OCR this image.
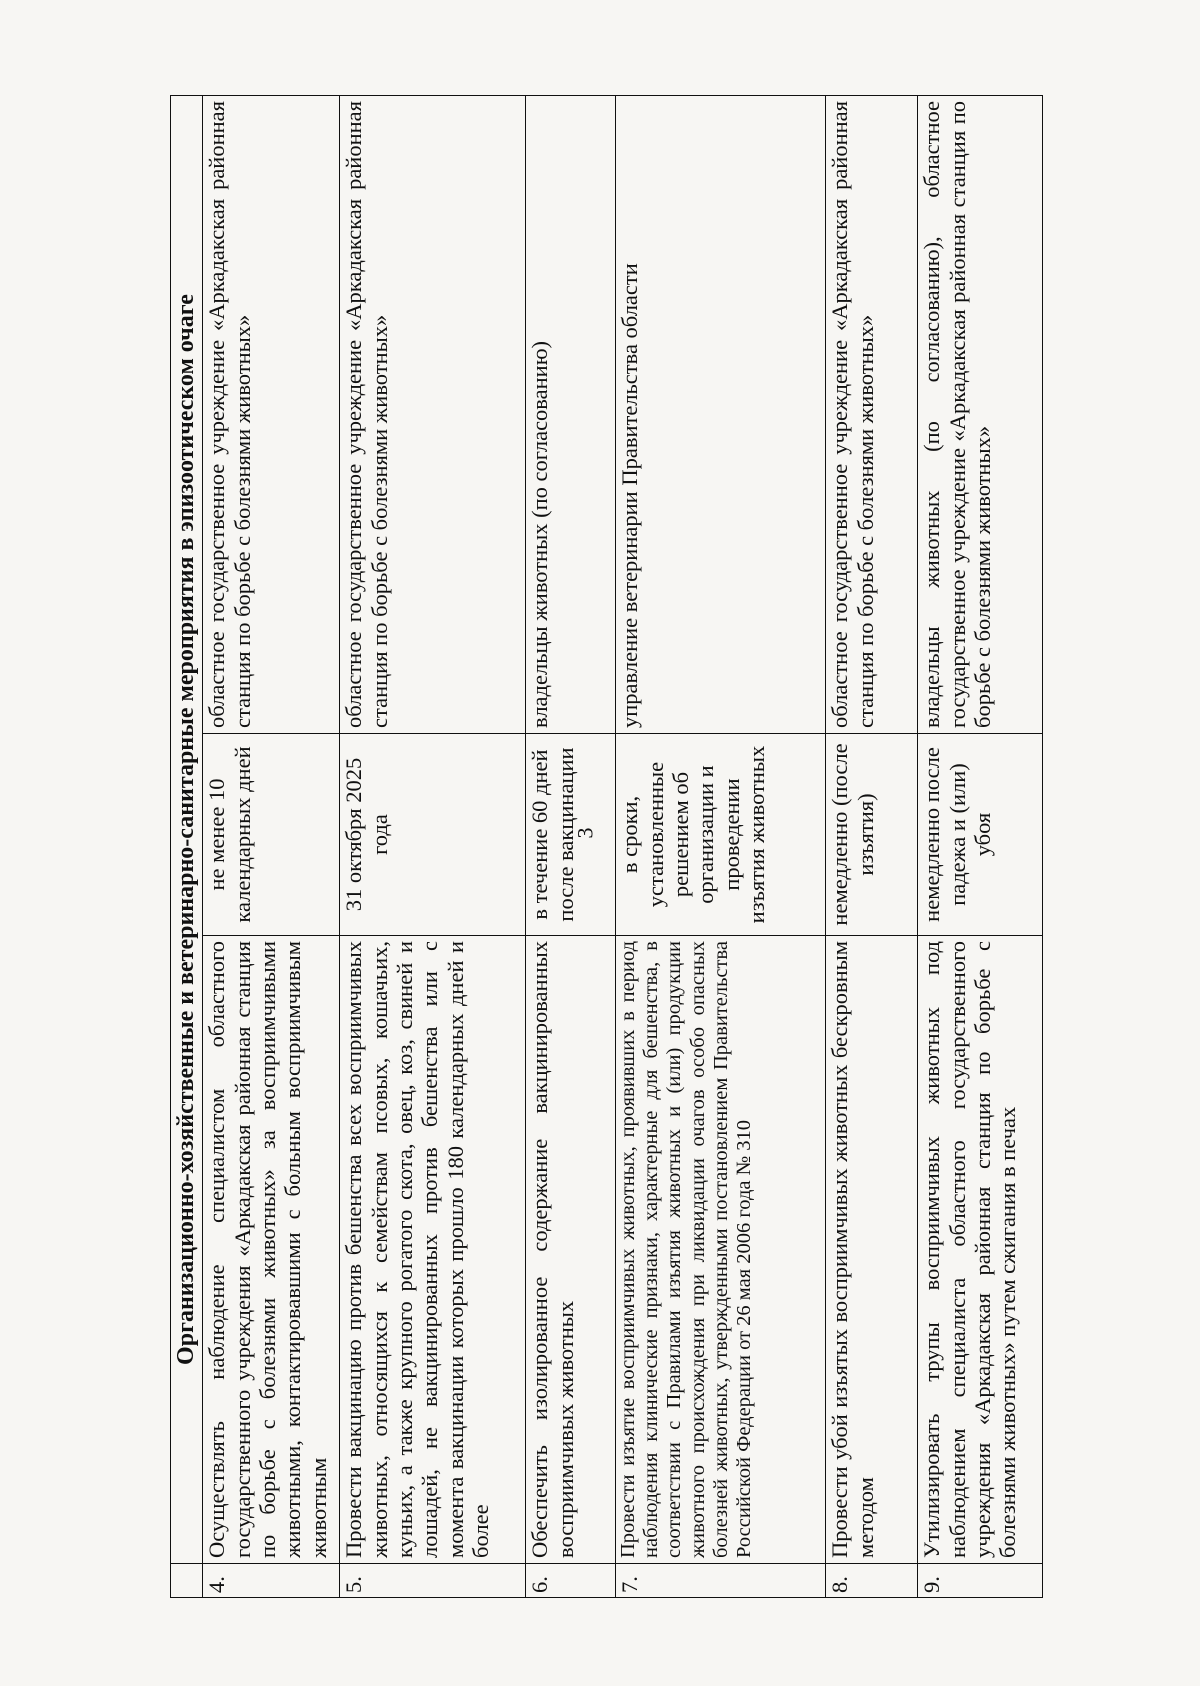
3
	Организационно-хозяйственные и ветеринарно-санитарные мероприятия в эпизоотическом очаге		
4.	Осуществлять наблюдение специалистом областного государственного учреждения «Аркадакская районная станция по борьбе с болезнями животных» за восприимчивыми животными, контактировавшими с больным восприимчивым животным	не менее 10 календарных дней	областное государственное учреждение «Аркадакская районная станция по борьбе с болезнями животных»
5.	Провести вакцинацию против бешенства всех восприимчивых животных, относящихся к семействам псовых, кошачьих, куньих, а также крупного рогатого скота, овец, коз, свиней и лошадей, не вакцинированных против бешенства или с момента вакцинации которых прошло 180 календарных дней и более	31 октября 2025 года	областное государственное учреждение «Аркадакская районная станция по борьбе с болезнями животных»
6.	Обеспечить изолированное содержание вакцинированных восприимчивых животных	в течение 60 дней после вакцинации	владельцы животных (по согласованию)
7.	Провести изъятие восприимчивых животных, проявивших в период наблюдения клинические признаки, характерные для бешенства, в соответствии с Правилами изъятия животных и (или) продукции животного происхождения при ликвидации очагов особо опасных болезней животных, утвержденными постановлением Правительства Российской Федерации от 26 мая 2006 года № 310	в сроки, установленные решением об организации и проведении изъятия животных	управление ветеринарии Правительства области
8.	Провести убой изъятых восприимчивых животных бескровным методом	немедленно (после изъятия)	областное государственное учреждение «Аркадакская районная станция по борьбе с болезнями животных»
9.	Утилизировать трупы восприимчивых животных под наблюдением специалиста областного государственного учреждения «Аркадакская районная станция по борьбе с болезнями животных» путем сжигания в печах	немедленно после падежа и (или) убоя	владельцы животных (по согласованию), областное государственное учреждение «Аркадакская районная станция по борьбе с болезнями животных»
